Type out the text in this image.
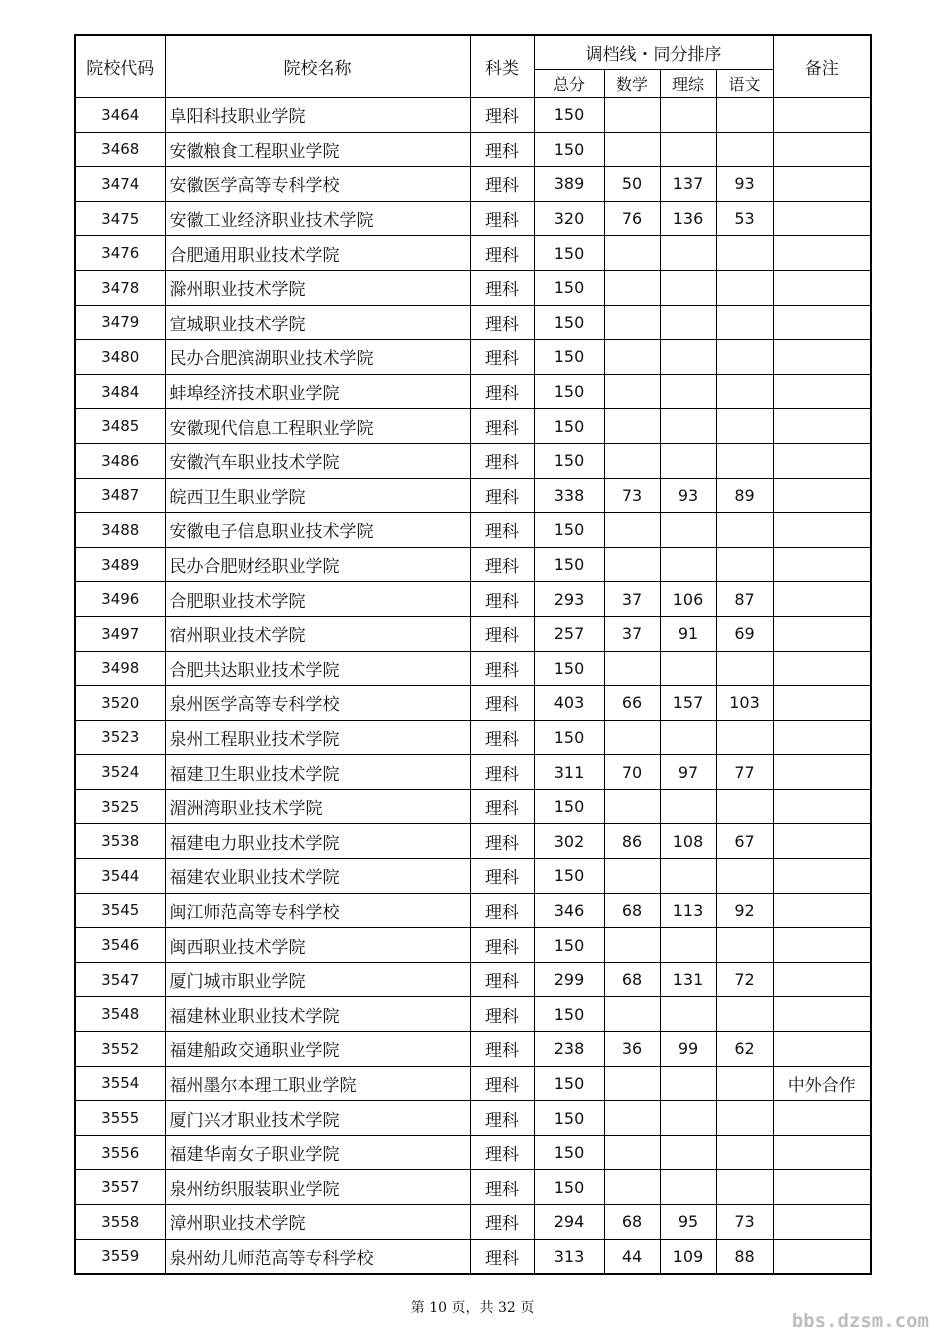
院校代码	院校名称	科类	调档线・同分排序				备注
			总分	数学	理综	语文	
3464	阜阳科技职业学院	理科	150				
3468	安徽粮食工程职业学院	理科	150				
3474	安徽医学高等专科学校	理科	389	50	137	93	
3475	安徽工业经济职业技术学院	理科	320	76	136	53	
3476	合肥通用职业技术学院	理科	150				
3478	滁州职业技术学院	理科	150				
3479	宣城职业技术学院	理科	150				
3480	民办合肥滨湖职业技术学院	理科	150				
3484	蚌埠经济技术职业学院	理科	150				
3485	安徽现代信息工程职业学院	理科	150				
3486	安徽汽车职业技术学院	理科	150				
3487	皖西卫生职业学院	理科	338	73	93	89	
3488	安徽电子信息职业技术学院	理科	150				
3489	民办合肥财经职业学院	理科	150				
3496	合肥职业技术学院	理科	293	37	106	87	
3497	宿州职业技术学院	理科	257	37	91	69	
3498	合肥共达职业技术学院	理科	150				
3520	泉州医学高等专科学校	理科	403	66	157	103	
3523	泉州工程职业技术学院	理科	150				
3524	福建卫生职业技术学院	理科	311	70	97	77	
3525	湄洲湾职业技术学院	理科	150				
3538	福建电力职业技术学院	理科	302	86	108	67	
3544	福建农业职业技术学院	理科	150				
3545	闽江师范高等专科学校	理科	346	68	113	92	
3546	闽西职业技术学院	理科	150				
3547	厦门城市职业学院	理科	299	68	131	72	
3548	福建林业职业技术学院	理科	150				
3552	福建船政交通职业学院	理科	238	36	99	62	
3554	福州墨尔本理工职业学院	理科	150				中外合作
3555	厦门兴才职业技术学院	理科	150				
3556	福建华南女子职业学院	理科	150				
3557	泉州纺织服装职业学院	理科	150				
3558	漳州职业技术学院	理科	294	68	95	73	
3559	泉州幼儿师范高等专科学校	理科	313	44	109	88	
第 10 页，共 32 页
bbs.dzsm.com
